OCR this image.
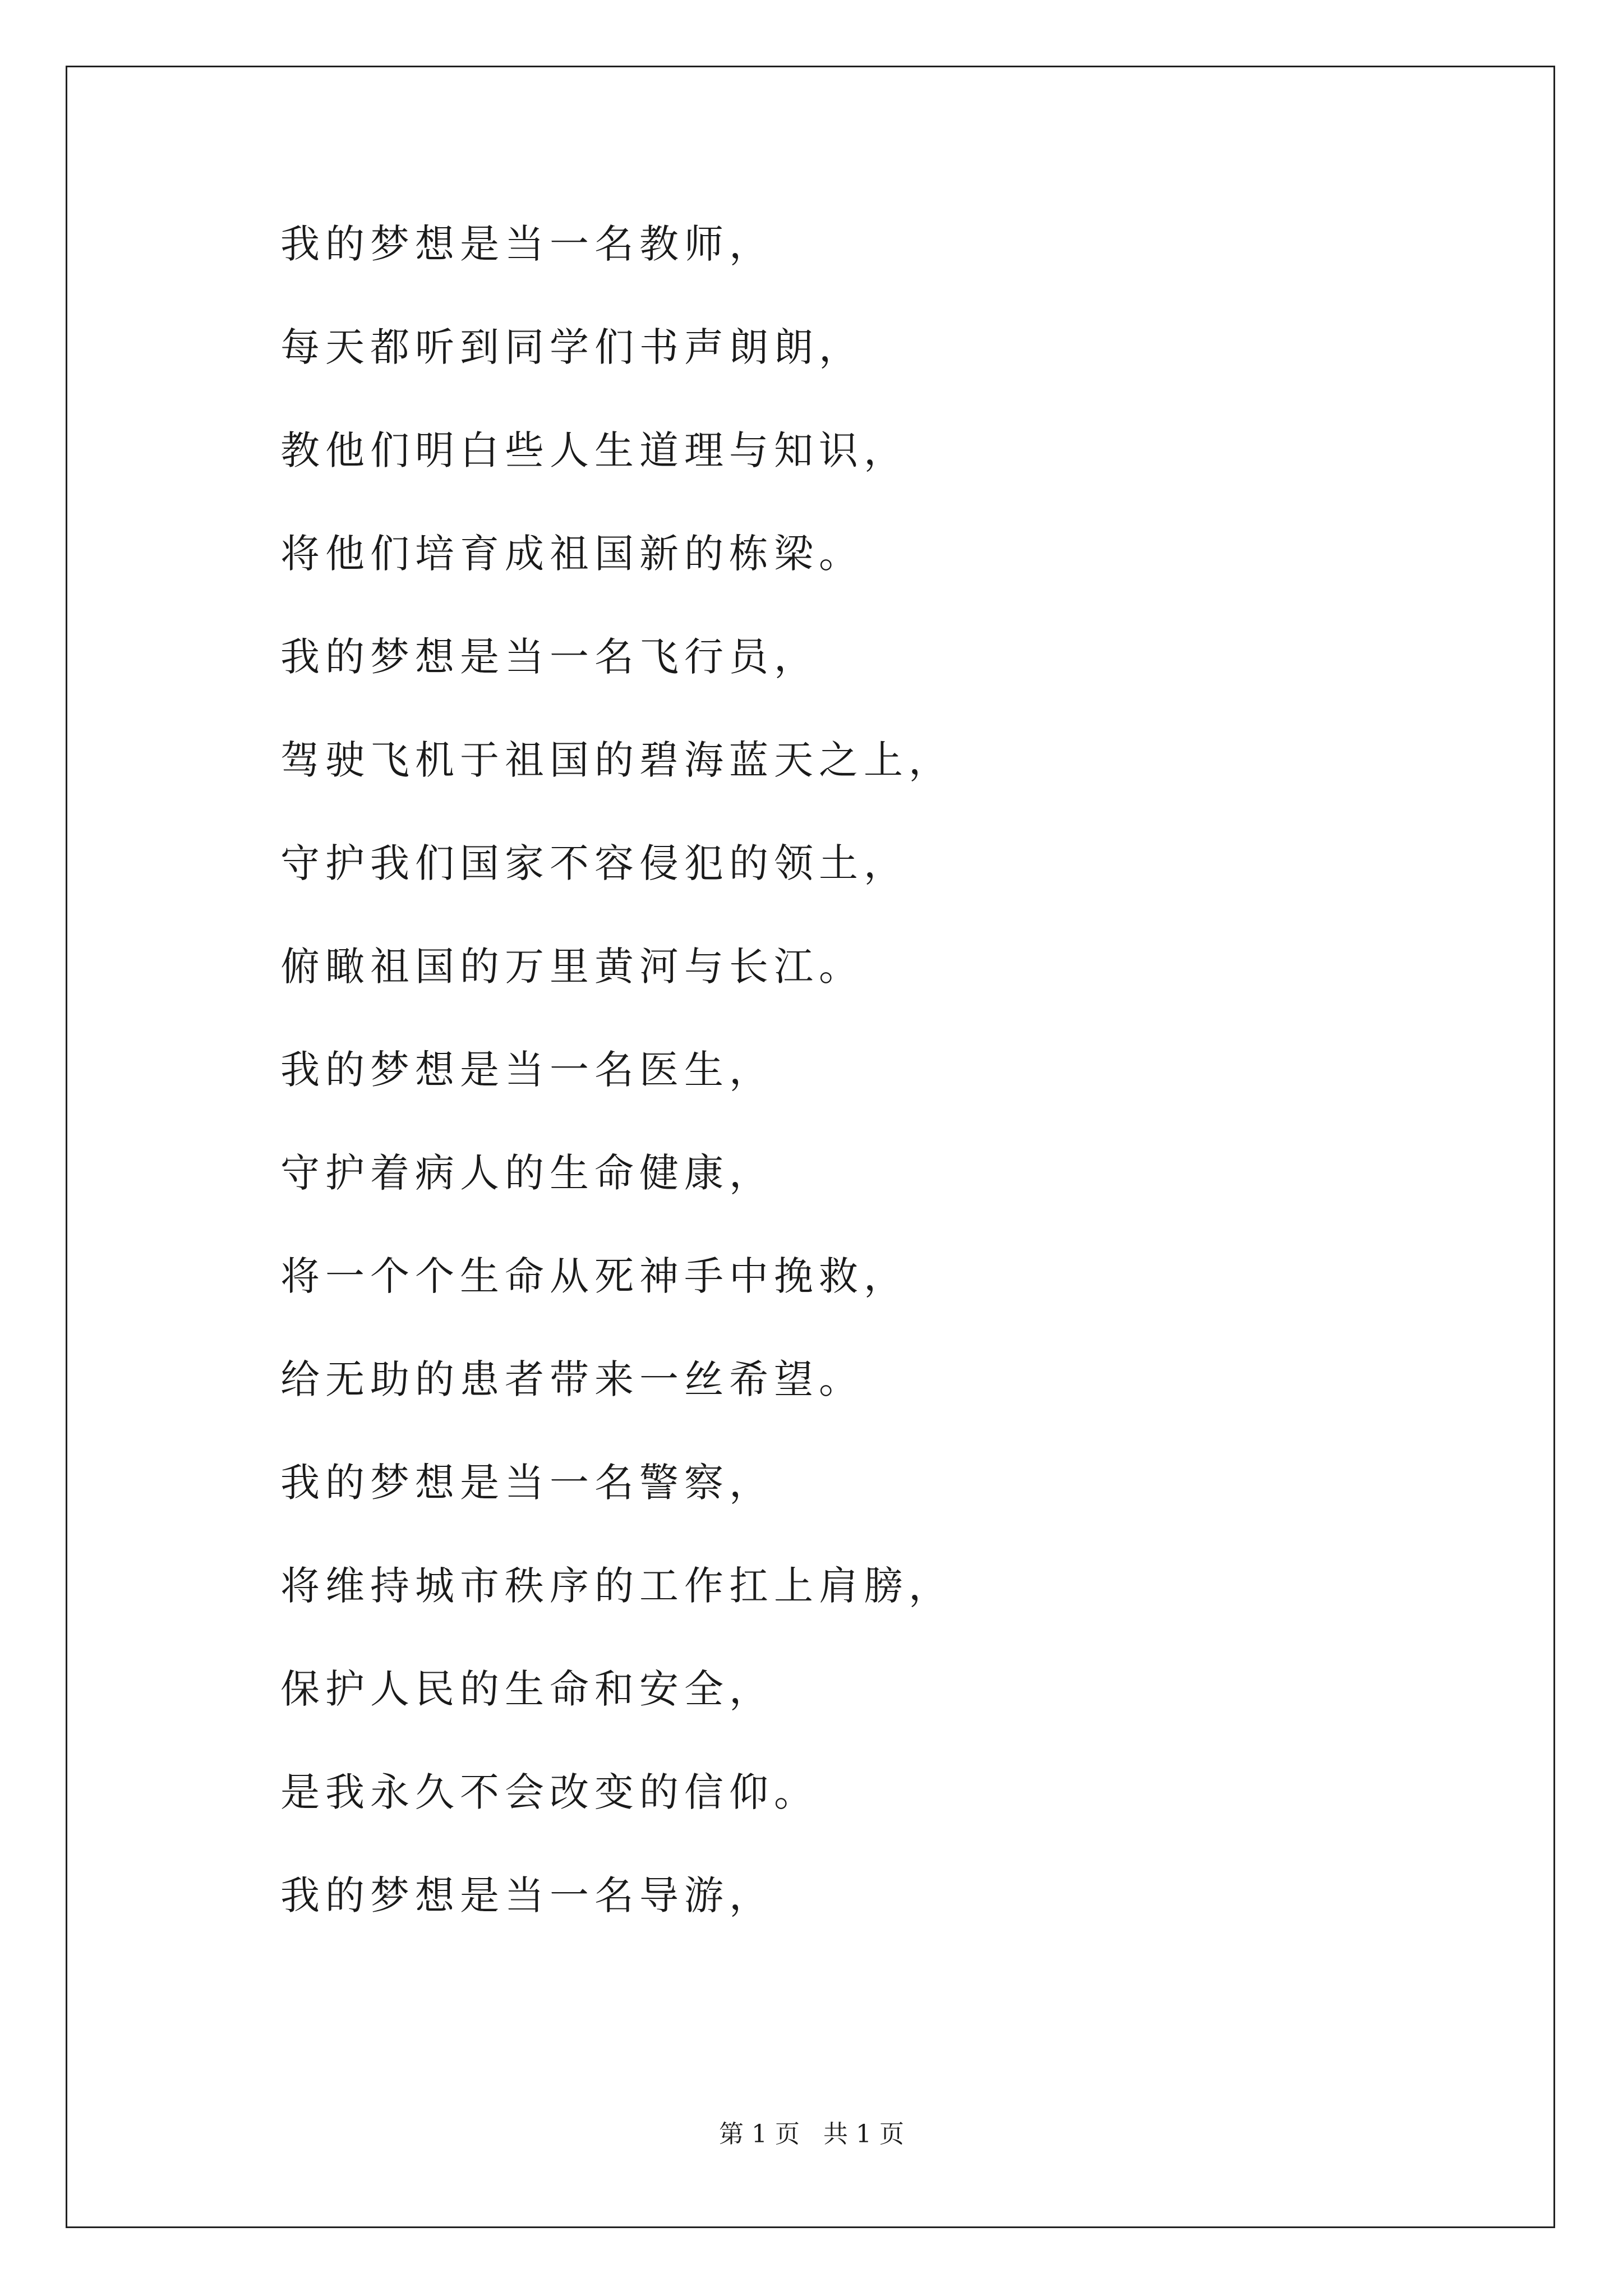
我的梦想是当一名教师，

每天都听到同学们书声朗朗，

教他们明白些人生道理与知识，

将他们培育成祖国新的栋梁。

我的梦想是当一名飞行员，

驾驶飞机于祖国的碧海蓝天之上，

守护我们国家不容侵犯的领土，

俯瞰祖国的万里黄河与长江。

我的梦想是当一名医生，

守护着病人的生命健康，

将一个个生命从死神手中挽救，

给无助的患者带来一丝希望。

我的梦想是当一名警察，

将维持城市秩序的工作扛上肩膀，

保护人民的生命和安全，

是我永久不会改变的信仰。

我的梦想是当一名导游，

第 1 页   共 1 页
